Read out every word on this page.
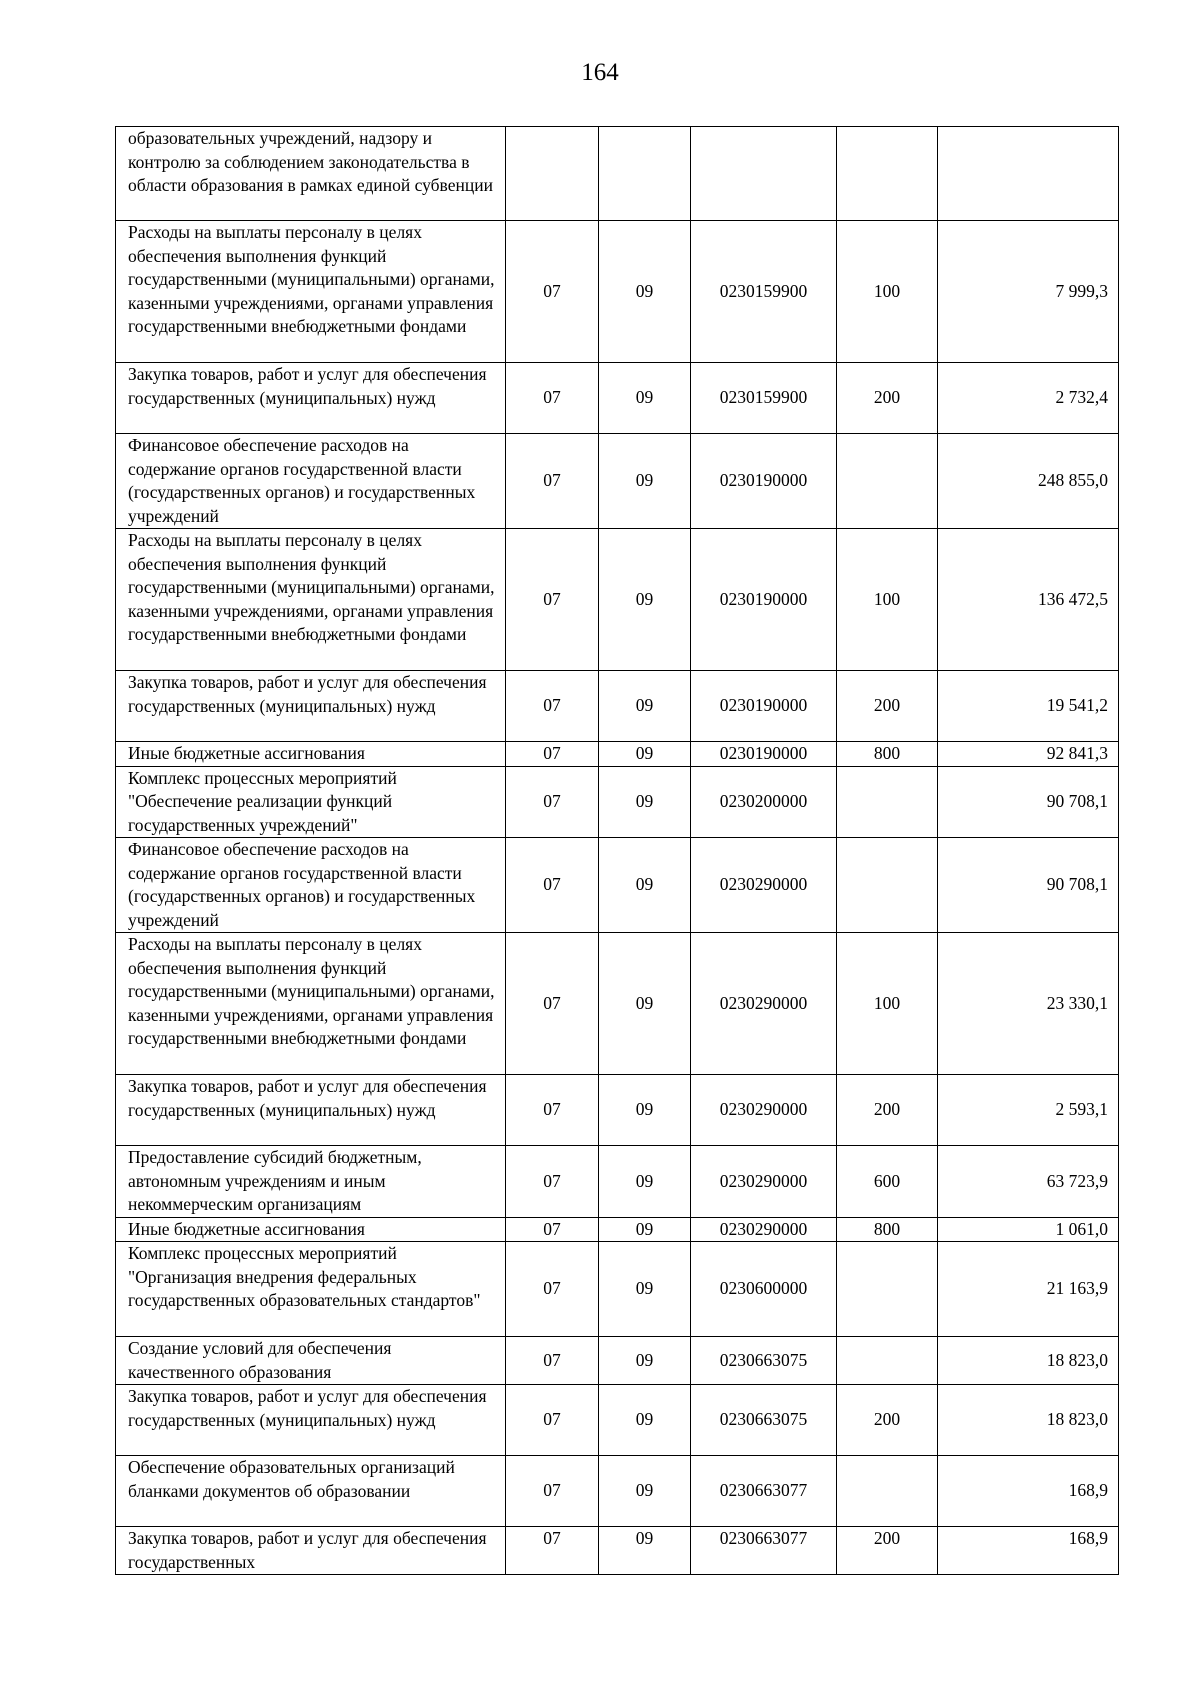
164
образовательных учреждений, надзору и контролю за соблюдением законодательства в области образования в рамках единой субвенции					
Расходы на выплаты персоналу в целях обеспечения выполнения функций государственными (муниципальными) органами, казенными учреждениями, органами управления государственными внебюджетными фондами	07	09	0230159900	100	7 999,3
Закупка товаров, работ и услуг для обеспечения государственных (муниципальных) нужд	07	09	0230159900	200	2 732,4
Финансовое обеспечение расходов на содержание органов государственной власти (государственных органов) и государственных учреждений	07	09	0230190000		248 855,0
Расходы на выплаты персоналу в целях обеспечения выполнения функций государственными (муниципальными) органами, казенными учреждениями, органами управления государственными внебюджетными фондами	07	09	0230190000	100	136 472,5
Закупка товаров, работ и услуг для обеспечения государственных (муниципальных) нужд	07	09	0230190000	200	19 541,2
Иные бюджетные ассигнования	07	09	0230190000	800	92 841,3
Комплекс процессных мероприятий "Обеспечение реализации функций государственных учреждений"	07	09	0230200000		90 708,1
Финансовое обеспечение расходов на содержание органов государственной власти (государственных органов) и государственных учреждений	07	09	0230290000		90 708,1
Расходы на выплаты персоналу в целях обеспечения выполнения функций государственными (муниципальными) органами, казенными учреждениями, органами управления государственными внебюджетными фондами	07	09	0230290000	100	23 330,1
Закупка товаров, работ и услуг для обеспечения государственных (муниципальных) нужд	07	09	0230290000	200	2 593,1
Предоставление субсидий бюджетным, автономным учреждениям и иным некоммерческим организациям	07	09	0230290000	600	63 723,9
Иные бюджетные ассигнования	07	09	0230290000	800	1 061,0
Комплекс процессных мероприятий "Организация внедрения федеральных государственных образовательных стандартов"	07	09	0230600000		21 163,9
Создание условий для обеспечения качественного образования	07	09	0230663075		18 823,0
Закупка товаров, работ и услуг для обеспечения государственных (муниципальных) нужд	07	09	0230663075	200	18 823,0
Обеспечение образовательных организаций бланками документов об образовании	07	09	0230663077		168,9
Закупка товаров, работ и услуг для обеспечения государственных	07	09	0230663077	200	168,9
